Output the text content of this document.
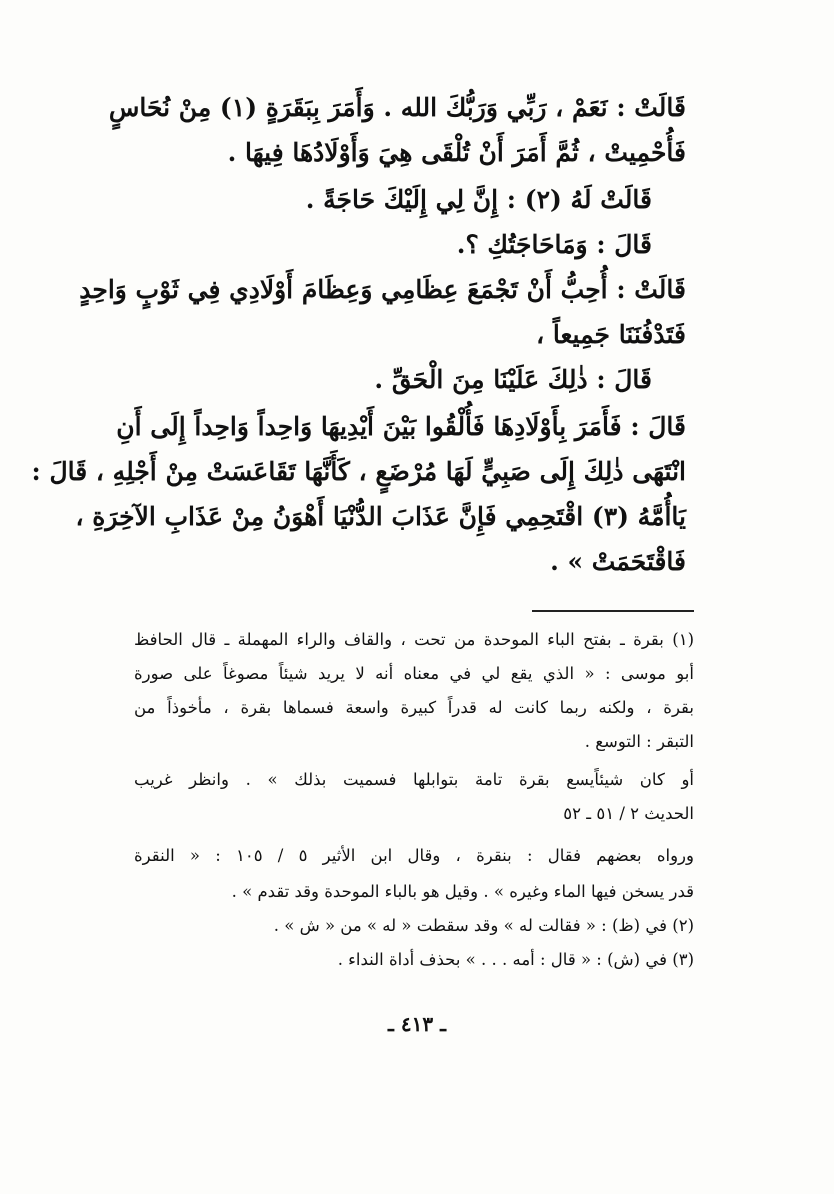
قَالَتْ : نَعَمْ ، رَبِّي وَرَبُّكَ الله . وَأَمَرَ بِبَقَرَةٍ (١) مِنْ نُحَاسٍ
فَأُحْمِيتْ ، ثُمَّ أَمَرَ أَنْ تُلْقَى هِيَ وَأَوْلَادُهَا فِيهَا .
قَالَتْ لَهُ (٢) : إِنَّ لِي إِلَيْكَ حَاجَةً .
قَالَ : وَمَاحَاجَتُكِ ؟.
قَالَتْ : أُحِبُّ أَنْ تَجْمَعَ عِظَامِي وَعِظَامَ أَوْلَادِي فِي ثَوْبٍ وَاحِدٍ
فَتَدْفُنَنَا جَمِيعاً ،
قَالَ : ذٰلِكَ عَلَيْنَا مِنَ الْحَقِّ .
قَالَ : فَأَمَرَ بِأَوْلَادِهَا فَأُلْقُوا بَيْنَ أَيْدِيهَا وَاحِداً وَاحِداً إِلَى أَنِ
انْتَهَى ذٰلِكَ إِلَى صَبِيٍّ لَهَا مُرْضَعٍ ، كَأَنَّهَا تَقَاعَسَتْ مِنْ أَجْلِهِ ، قَالَ :
يَاأُمَّهُ (٣) اقْتَحِمِي فَإِنَّ عَذَابَ الدُّنْيَا أَهْوَنُ مِنْ عَذَابِ الآخِرَةِ ،
فَاقْتَحَمَتْ » .
(١) بقرة ـ بفتح الباء الموحدة من تحت ، والقاف والراء المهملة ـ قال الحافظ
أبو موسى : « الذي يقع لي في معناه أنه لا يريد شيئاً مصوغاً على صورة
بقرة ، ولكنه ربما كانت له قدراً كبيرة واسعة فسماها بقرة ، مأخوذاً من
التبقر : التوسع .
أو كان شيئاًيسع بقرة تامة بتوابلها فسميت بذلك » . وانظر غريب
الحديث ٢ / ٥١ ـ ٥٢
ورواه بعضهم فقال : بنقرة ، وقال ابن الأثير ٥ / ١٠٥ : « النقرة
قدر يسخن فيها الماء وغيره » . وقيل هو بالباء الموحدة وقد تقدم » .
(٢) في (ظ) : « فقالت له » وقد سقطت « له » من « ش » .
(٣) في (ش) : « قال : أمه . . . » بحذف أداة النداء .
ـ ٤١٣ ـ
